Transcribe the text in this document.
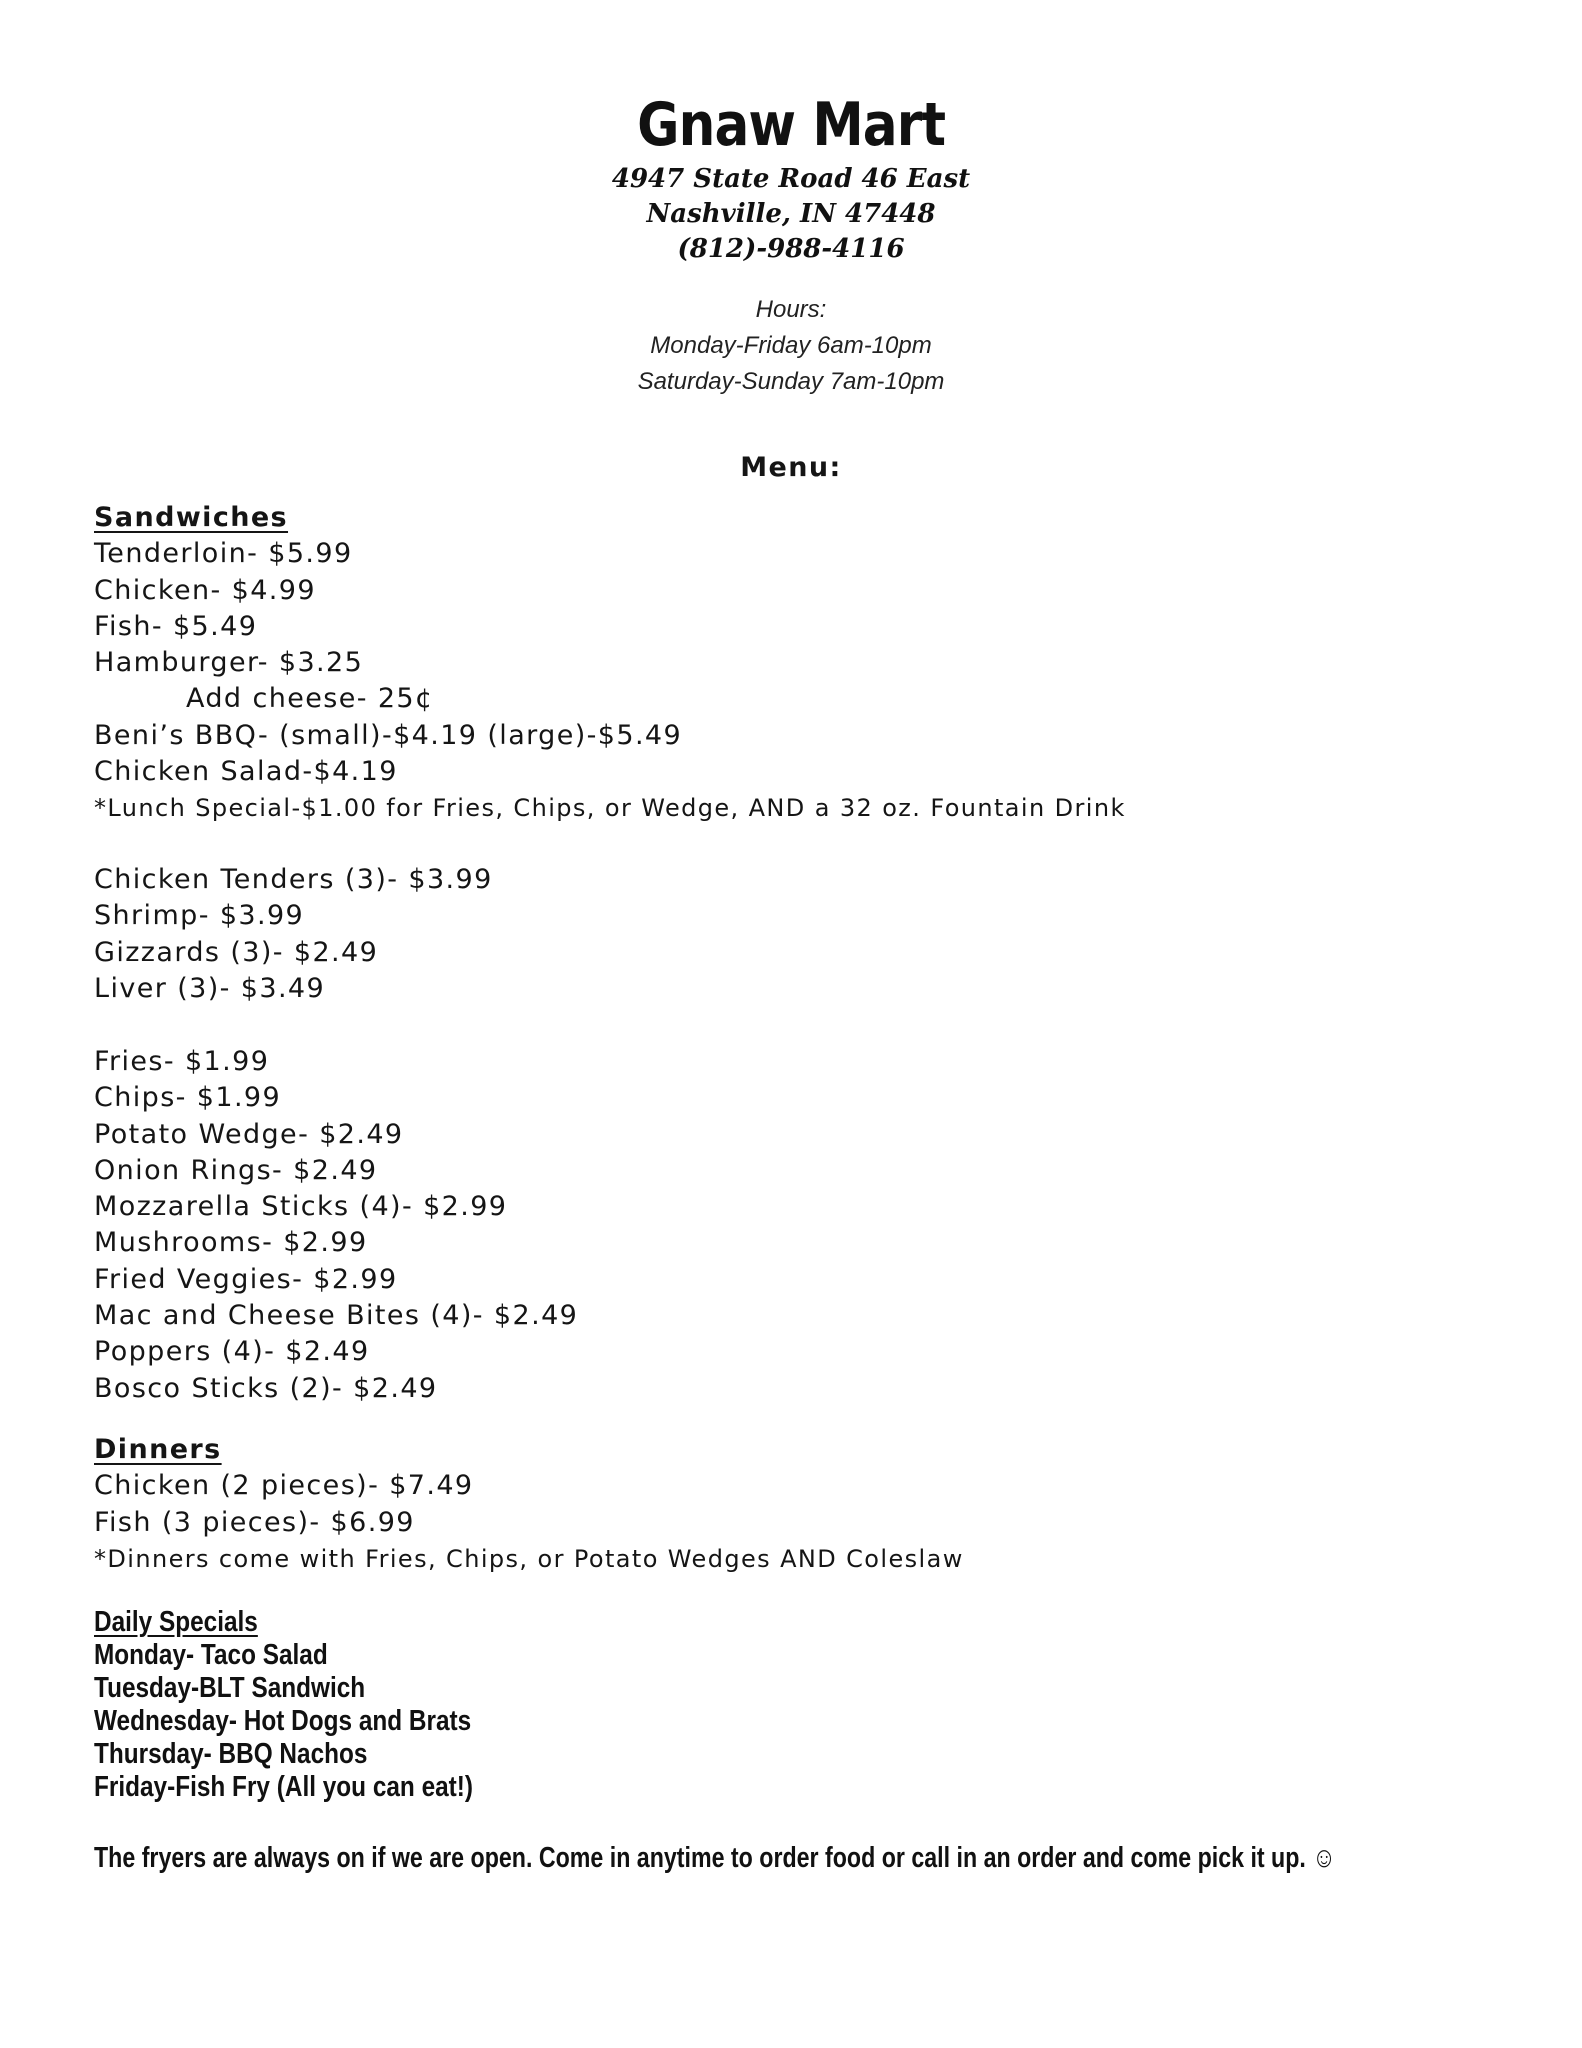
Gnaw Mart
4947 State Road 46 East
Nashville, IN 47448
(812)-988-4116
Hours:
Monday-Friday 6am-10pm
Saturday-Sunday 7am-10pm
Menu:
Sandwiches
Tenderloin- $5.99
Chicken- $4.99
Fish- $5.49
Hamburger- $3.25
Add cheese- 25¢
Beni’s BBQ- (small)-$4.19 (large)-$5.49
Chicken Salad-$4.19
*Lunch Special-$1.00 for Fries, Chips, or Wedge, AND a 32 oz. Fountain Drink
Chicken Tenders (3)- $3.99
Shrimp- $3.99
Gizzards (3)- $2.49
Liver (3)- $3.49
Fries- $1.99
Chips- $1.99
Potato Wedge- $2.49
Onion Rings- $2.49
Mozzarella Sticks (4)- $2.99
Mushrooms- $2.99
Fried Veggies- $2.99
Mac and Cheese Bites (4)- $2.49
Poppers (4)- $2.49
Bosco Sticks (2)- $2.49
Dinners
Chicken (2 pieces)- $7.49
Fish (3 pieces)- $6.99
*Dinners come with Fries, Chips, or Potato Wedges AND Coleslaw
Daily Specials
Monday- Taco Salad
Tuesday-BLT Sandwich
Wednesday- Hot Dogs and Brats
Thursday- BBQ Nachos
Friday-Fish Fry (All you can eat!)
The fryers are always on if we are open. Come in anytime to order food or call in an order and come pick it up. ☺
